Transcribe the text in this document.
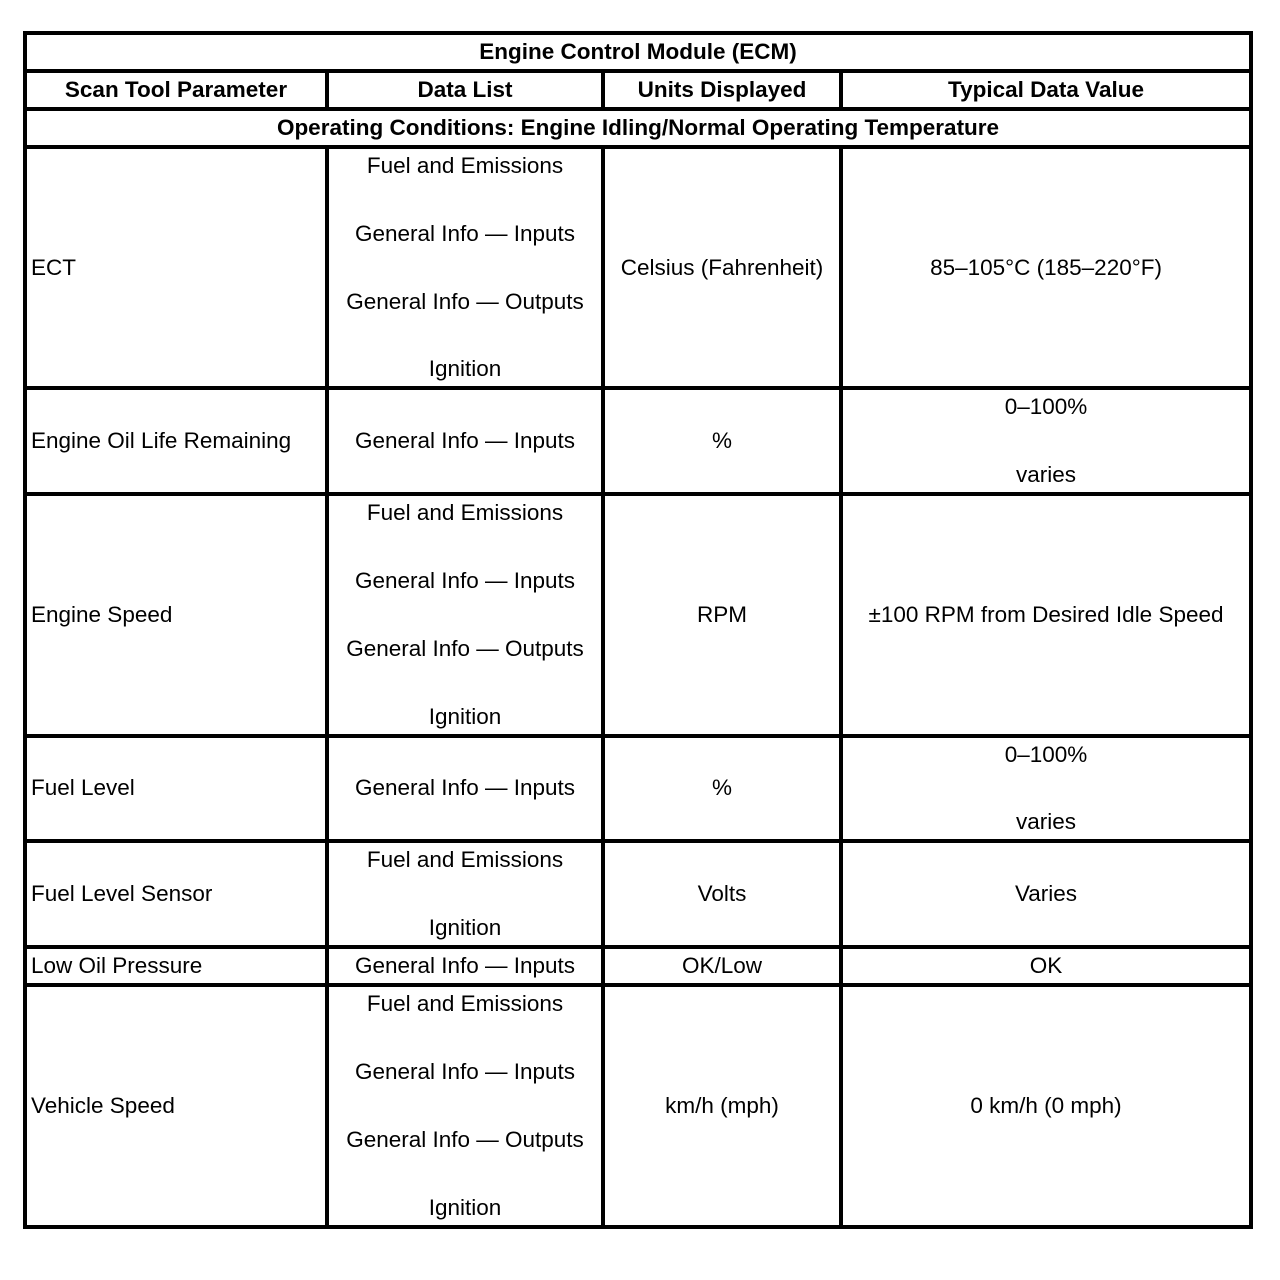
Engine Control Module (ECM)			
Scan Tool Parameter	Data List	Units Displayed	Typical Data Value
Operating Conditions: Engine Idling/Normal Operating Temperature			
ECT	Fuel and Emissions
General Info — Inputs
General Info — Outputs
Ignition	Celsius (Fahrenheit)	85–105°C (185–220°F)

Engine Oil Life Remaining	General Info — Inputs	%	0–100%
varies

Engine Speed	Fuel and Emissions
General Info — Inputs
General Info — Outputs
Ignition	RPM	±100 RPM from Desired Idle Speed

Fuel Level	General Info — Inputs	%	0–100%
varies

Fuel Level Sensor	Fuel and Emissions
Ignition	Volts	Varies

Low Oil Pressure	General Info — Inputs	OK/Low	OK

Vehicle Speed	Fuel and Emissions
General Info — Inputs
General Info — Outputs
Ignition	km/h (mph)	0 km/h (0 mph)
